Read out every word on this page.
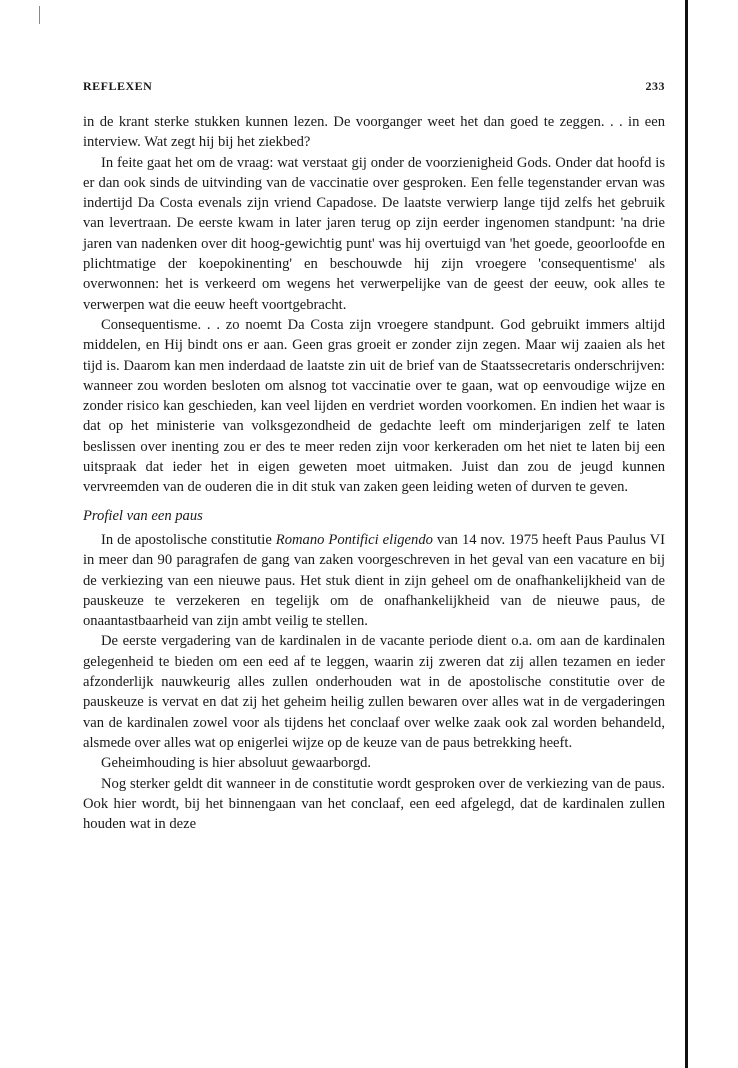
REFLEXEN	233

in de krant sterke stukken kunnen lezen. De voorganger weet het dan goed te zeggen. . . in een interview. Wat zegt hij bij het ziekbed?

In feite gaat het om de vraag: wat verstaat gij onder de voorzienigheid Gods. Onder dat hoofd is er dan ook sinds de uitvinding van de vaccinatie over gesproken. Een felle tegenstander ervan was indertijd Da Costa evenals zijn vriend Capadose. De laatste verwierp lange tijd zelfs het gebruik van levertraan. De eerste kwam in later jaren terug op zijn eerder ingenomen standpunt: 'na drie jaren van nadenken over dit hoog-gewichtig punt' was hij overtuigd van 'het goede, geoorloofde en plichtmatige der koepokinenting' en beschouwde hij zijn vroegere 'consequentisme' als overwonnen: het is verkeerd om wegens het verwerpelijke van de geest der eeuw, ook alles te verwerpen wat die eeuw heeft voortgebracht.

Consequentisme. . . zo noemt Da Costa zijn vroegere standpunt. God gebruikt immers altijd middelen, en Hij bindt ons er aan. Geen gras groeit er zonder zijn zegen. Maar wij zaaien als het tijd is. Daarom kan men inderdaad de laatste zin uit de brief van de Staatssecretaris onderschrijven: wanneer zou worden besloten om alsnog tot vaccinatie over te gaan, wat op eenvoudige wijze en zonder risico kan geschieden, kan veel lijden en verdriet worden voorkomen. En indien het waar is dat op het ministerie van volksgezondheid de gedachte leeft om minderjarigen zelf te laten beslissen over inenting zou er des te meer reden zijn voor kerkeraden om het niet te laten bij een uitspraak dat ieder het in eigen geweten moet uitmaken. Juist dan zou de jeugd kunnen vervreemden van de ouderen die in dit stuk van zaken geen leiding weten of durven te geven.

Profiel van een paus

In de apostolische constitutie Romano Pontifici eligendo van 14 nov. 1975 heeft Paus Paulus VI in meer dan 90 paragrafen de gang van zaken voorgeschreven in het geval van een vacature en bij de verkiezing van een nieuwe paus. Het stuk dient in zijn geheel om de onafhankelijkheid van de pauskeuze te verzekeren en tegelijk om de onafhankelijkheid van de nieuwe paus, de onaantastbaarheid van zijn ambt veilig te stellen.

De eerste vergadering van de kardinalen in de vacante periode dient o.a. om aan de kardinalen gelegenheid te bieden om een eed af te leggen, waarin zij zweren dat zij allen tezamen en ieder afzonderlijk nauwkeurig alles zullen onderhouden wat in de apostolische constitutie over de pauskeuze is vervat en dat zij het geheim heilig zullen bewaren over alles wat in de vergaderingen van de kardinalen zowel voor als tijdens het conclaaf over welke zaak ook zal worden behandeld, alsmede over alles wat op enigerlei wijze op de keuze van de paus betrekking heeft.

Geheimhouding is hier absoluut gewaarborgd.

Nog sterker geldt dit wanneer in de constitutie wordt gesproken over de verkiezing van de paus. Ook hier wordt, bij het binnengaan van het conclaaf, een eed afgelegd, dat de kardinalen zullen houden wat in deze
